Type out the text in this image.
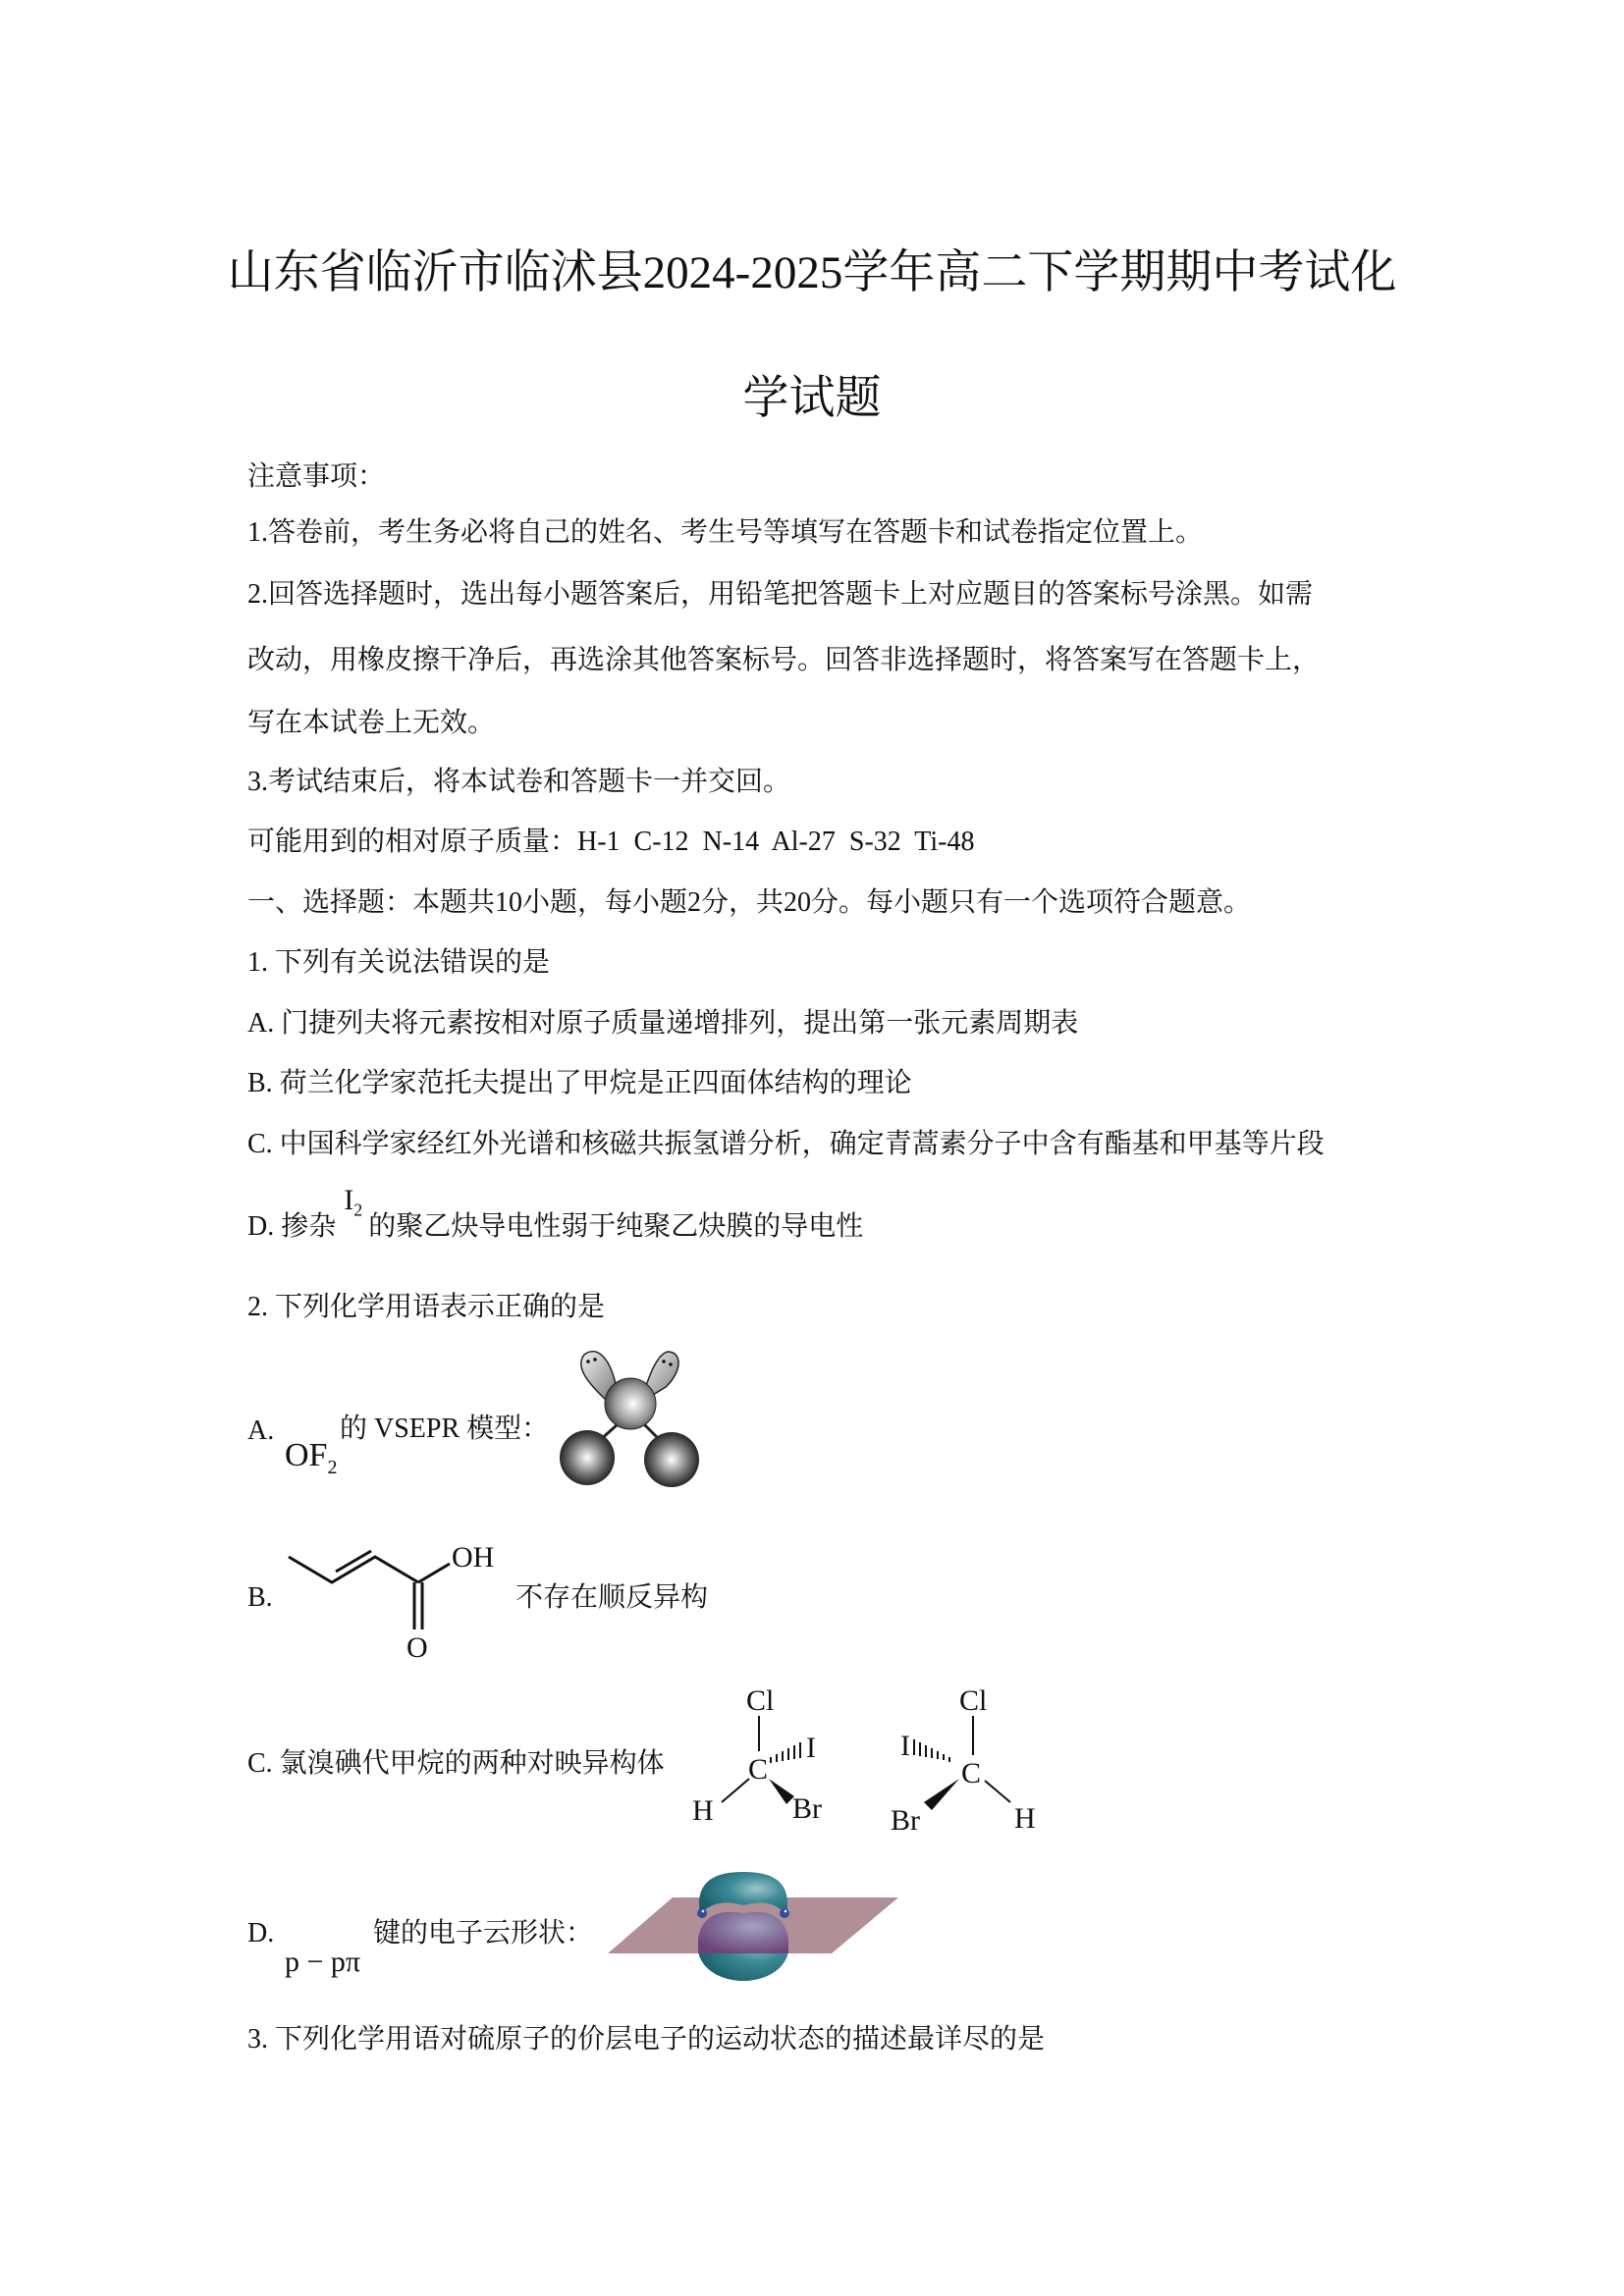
山东省临沂市临沭县2024-2025学年高二下学期期中考试化
学试题
注意事项：
1.答卷前，考生务必将自己的姓名、考生号等填写在答题卡和试卷指定位置上。
2.回答选择题时，选出每小题答案后，用铅笔把答题卡上对应题目的答案标号涂黑。如需
改动，用橡皮擦干净后，再选涂其他答案标号。回答非选择题时，将答案写在答题卡上，
写在本试卷上无效。
3.考试结束后，将本试卷和答题卡一并交回。
可能用到的相对原子质量：H-1  C-12  N-14  Al-27  S-32  Ti-48
一、选择题：本题共10小题，每小题2分，共20分。每小题只有一个选项符合题意。
1. 下列有关说法错误的是
A. 门捷列夫将元素按相对原子质量递增排列，提出第一张元素周期表
B. 荷兰化学家范托夫提出了甲烷是正四面体结构的理论
C. 中国科学家经红外光谱和核磁共振氢谱分析，确定青蒿素分子中含有酯基和甲基等片段
D. 掺杂$I_2$的聚乙炔导电性弱于纯聚乙炔膜的导电性
2. 下列化学用语表示正确的是
A.
$OF_2$
的 VSEPR 模型：
B.
OH
O
不存在顺反异构
C. 氯溴碘代甲烷的两种对映异构体
Cl
C
I
H	Br
Cl
C
I
Br	H
D.
p − pπ
键的电子云形状：
3. 下列化学用语对硫原子的价层电子的运动状态的描述最详尽的是
